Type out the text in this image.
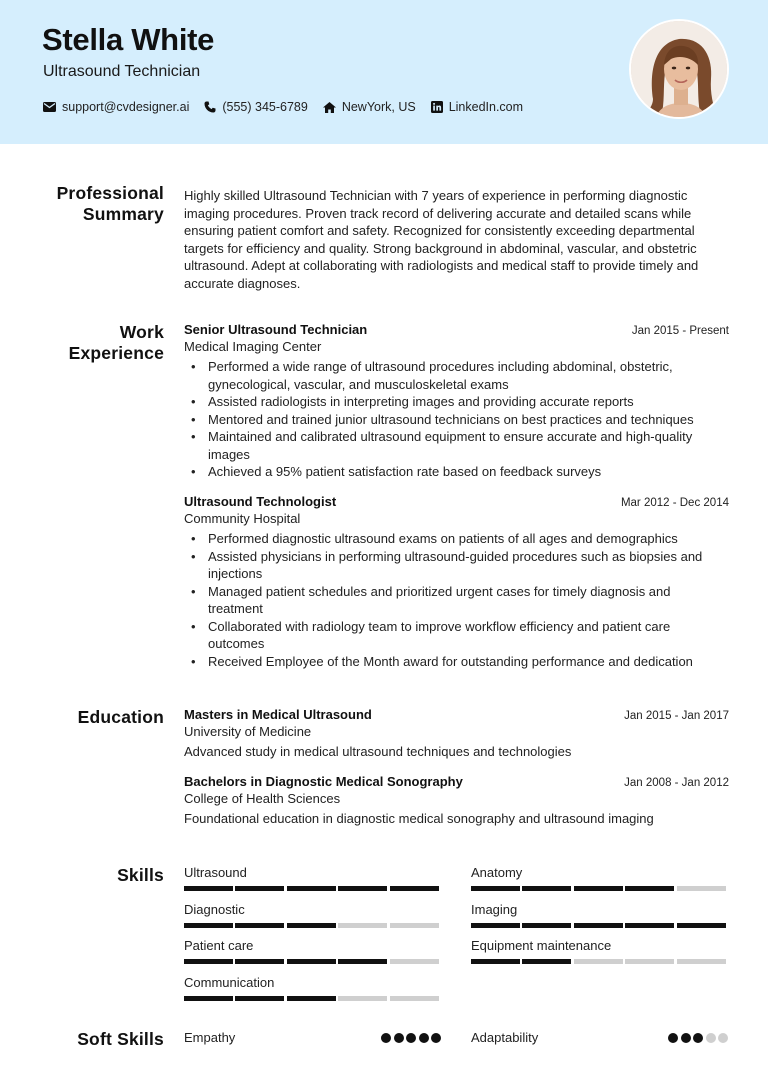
Stella White
Ultrasound Technician
support@cvdesigner.ai	(555) 345-6789	NewYork, US	LinkedIn.com
Professional
Summary
Highly skilled Ultrasound Technician with 7 years of experience in performing diagnostic imaging procedures. Proven track record of delivering accurate and detailed scans while ensuring patient comfort and safety. Recognized for consistently exceeding departmental targets for efficiency and quality. Strong background in abdominal, vascular, and obstetric ultrasound. Adept at collaborating with radiologists and medical staff to provide timely and accurate diagnoses.
Work
Experience
Senior Ultrasound Technician	Jan 2015 - Present
Medical Imaging Center
• Performed a wide range of ultrasound procedures including abdominal, obstetric, gynecological, vascular, and musculoskeletal exams
• Assisted radiologists in interpreting images and providing accurate reports
• Mentored and trained junior ultrasound technicians on best practices and techniques
• Maintained and calibrated ultrasound equipment to ensure accurate and high-quality images
• Achieved a 95% patient satisfaction rate based on feedback surveys
Ultrasound Technologist	Mar 2012 - Dec 2014
Community Hospital
• Performed diagnostic ultrasound exams on patients of all ages and demographics
• Assisted physicians in performing ultrasound-guided procedures such as biopsies and injections
• Managed patient schedules and prioritized urgent cases for timely diagnosis and treatment
• Collaborated with radiology team to improve workflow efficiency and patient care outcomes
• Received Employee of the Month award for outstanding performance and dedication
Education Masters in Medical Ultrasound	Jan 2015 - Jan 2017
University of Medicine
Advanced study in medical ultrasound techniques and technologies
Bachelors in Diagnostic Medical Sonography	Jan 2008 - Jan 2012
College of Health Sciences
Foundational education in diagnostic medical sonography and ultrasound imaging
Skills Ultrasound	Anatomy
Diagnostic	Imaging
Patient care	Equipment maintenance
Communication
Soft Skills Empathy	Adaptability
